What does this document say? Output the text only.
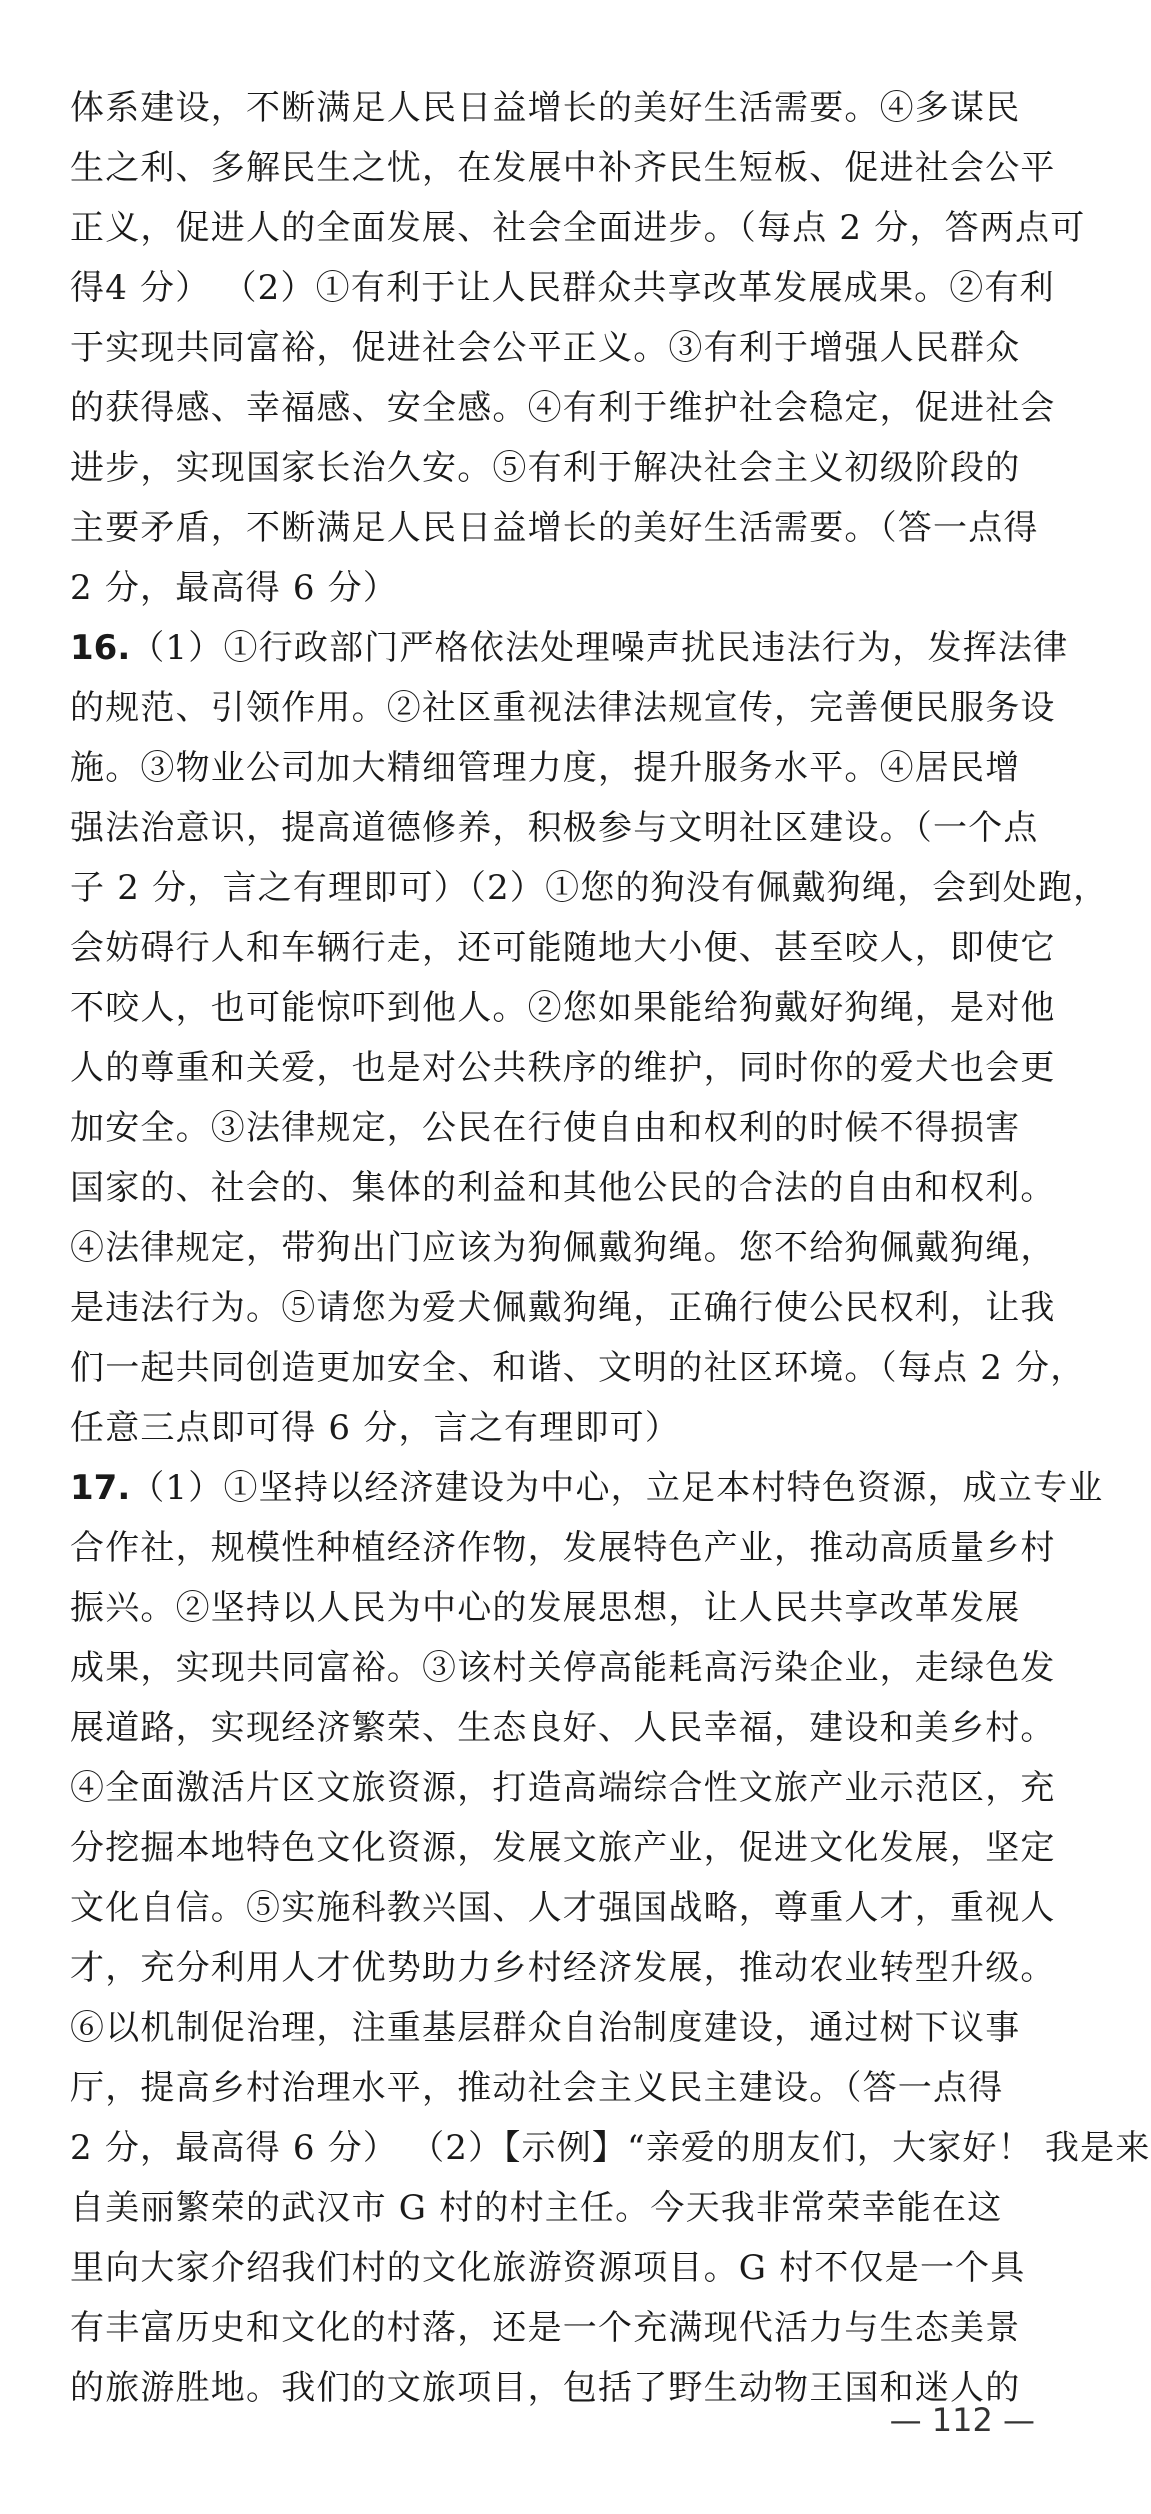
体系建设，不断满足人民日益增长的美好生活需要。④多谋民
生之利、多解民生之忧，在发展中补齐民生短板、促进社会公平
正义，促进人的全面发展、社会全面进步。（每点 2 分，答两点可
得4 分） （2）①有利于让人民群众共享改革发展成果。②有利
于实现共同富裕，促进社会公平正义。③有利于增强人民群众
的获得感、幸福感、安全感。④有利于维护社会稳定，促进社会
进步，实现国家长治久安。⑤有利于解决社会主义初级阶段的
主要矛盾，不断满足人民日益增长的美好生活需要。（答一点得
2 分，最高得 6 分）
16.（1）①行政部门严格依法处理噪声扰民违法行为，发挥法律
的规范、引领作用。②社区重视法律法规宣传，完善便民服务设
施。③物业公司加大精细管理力度，提升服务水平。④居民增
强法治意识，提高道德修养，积极参与文明社区建设。（一个点
子 2 分，言之有理即可）（2）①您的狗没有佩戴狗绳，会到处跑，
会妨碍行人和车辆行走，还可能随地大小便、甚至咬人，即使它
不咬人，也可能惊吓到他人。②您如果能给狗戴好狗绳，是对他
人的尊重和关爱，也是对公共秩序的维护，同时你的爱犬也会更
加安全。③法律规定，公民在行使自由和权利的时候不得损害
国家的、社会的、集体的利益和其他公民的合法的自由和权利。
④法律规定，带狗出门应该为狗佩戴狗绳。您不给狗佩戴狗绳，
是违法行为。⑤请您为爱犬佩戴狗绳，正确行使公民权利，让我
们一起共同创造更加安全、和谐、文明的社区环境。（每点 2 分，
任意三点即可得 6 分，言之有理即可）
17.（1）①坚持以经济建设为中心，立足本村特色资源，成立专业
合作社，规模性种植经济作物，发展特色产业，推动高质量乡村
振兴。②坚持以人民为中心的发展思想，让人民共享改革发展
成果，实现共同富裕。③该村关停高能耗高污染企业，走绿色发
展道路，实现经济繁荣、生态良好、人民幸福，建设和美乡村。
④全面激活片区文旅资源，打造高端综合性文旅产业示范区，充
分挖掘本地特色文化资源，发展文旅产业，促进文化发展，坚定
文化自信。⑤实施科教兴国、人才强国战略，尊重人才，重视人
才，充分利用人才优势助力乡村经济发展，推动农业转型升级。
⑥以机制促治理，注重基层群众自治制度建设，通过树下议事
厅，提高乡村治理水平，推动社会主义民主建设。（答一点得
2 分，最高得 6 分） （2）【示例】“亲爱的朋友们，大家好！ 我是来
自美丽繁荣的武汉市 G 村的村主任。今天我非常荣幸能在这
里向大家介绍我们村的文化旅游资源项目。G 村不仅是一个具
有丰富历史和文化的村落，还是一个充满现代活力与生态美景
的旅游胜地。我们的文旅项目，包括了野生动物王国和迷人的
— 112 —
